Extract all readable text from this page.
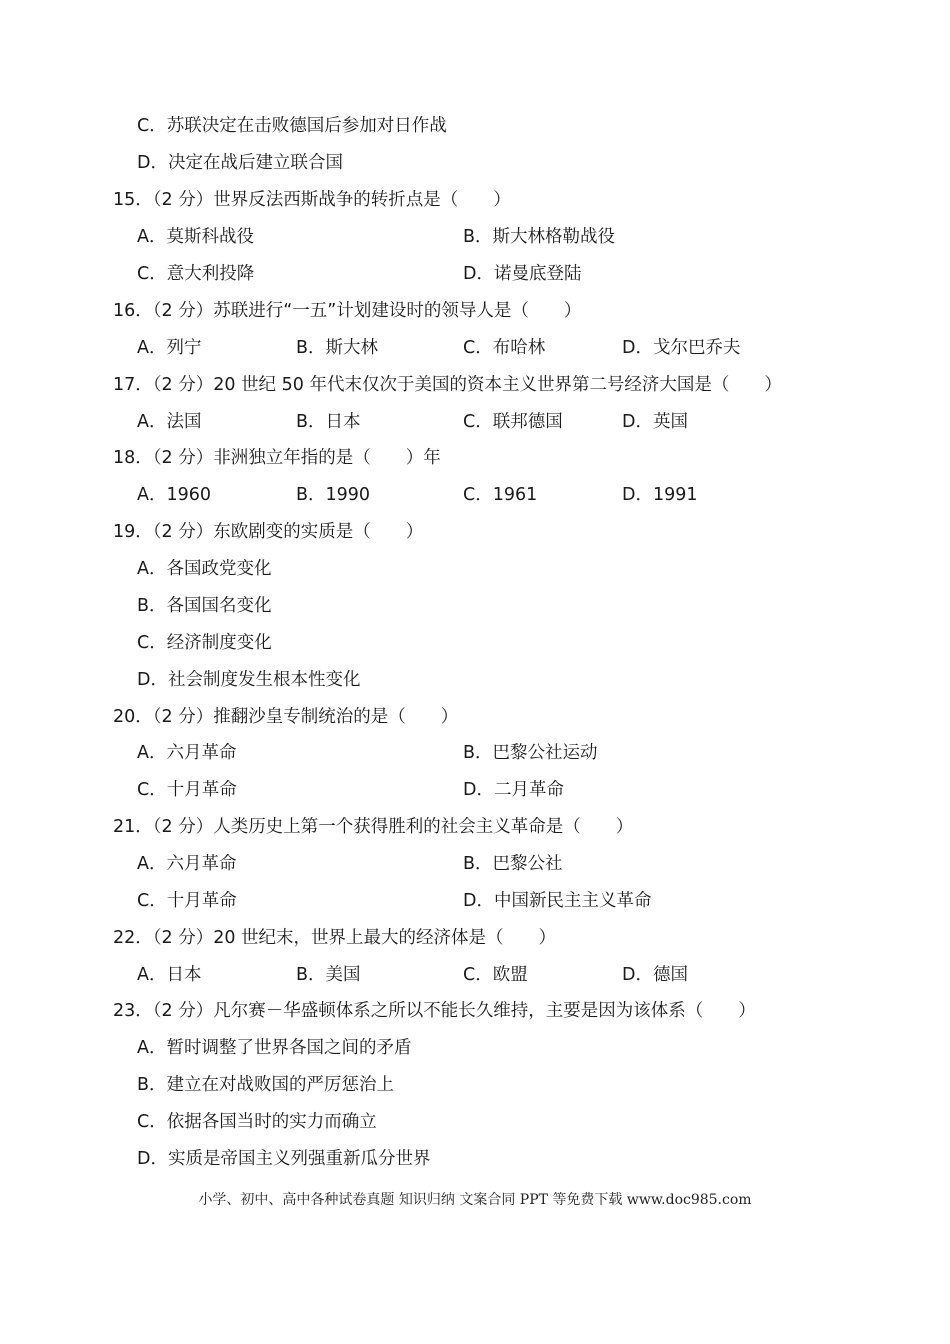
C．苏联决定在击败德国后参加对日作战
D．决定在战后建立联合国
15．（2 分）世界反法西斯战争的转折点是（　　）
A．莫斯科战役	B．斯大林格勒战役
C．意大利投降	D．诺曼底登陆
16．（2 分）苏联进行“一五”计划建设时的领导人是（　　）
A．列宁	B．斯大林	C．布哈林	D．戈尔巴乔夫
17．（2 分）20 世纪 50 年代末仅次于美国的资本主义世界第二号经济大国是（　　）
A．法国	B．日本	C．联邦德国	D．英国
18．（2 分）非洲独立年指的是（　　）年
A．1960	B．1990	C．1961	D．1991
19．（2 分）东欧剧变的实质是（　　）
A．各国政党变化
B．各国国名变化
C．经济制度变化
D．社会制度发生根本性变化
20．（2 分）推翻沙皇专制统治的是（　　）
A．六月革命	B．巴黎公社运动
C．十月革命	D．二月革命
21．（2 分）人类历史上第一个获得胜利的社会主义革命是（　　）
A．六月革命	B．巴黎公社
C．十月革命	D．中国新民主主义革命
22．（2 分）20 世纪末，世界上最大的经济体是（　　）
A．日本	B．美国	C．欧盟	D．德国
23．（2 分）凡尔赛－华盛顿体系之所以不能长久维持，主要是因为该体系（　　）
A．暂时调整了世界各国之间的矛盾
B．建立在对战败国的严厉惩治上
C．依据各国当时的实力而确立
D．实质是帝国主义列强重新瓜分世界
小学、初中、高中各种试卷真题 知识归纳 文案合同 PPT 等免费下载 www.doc985.com
